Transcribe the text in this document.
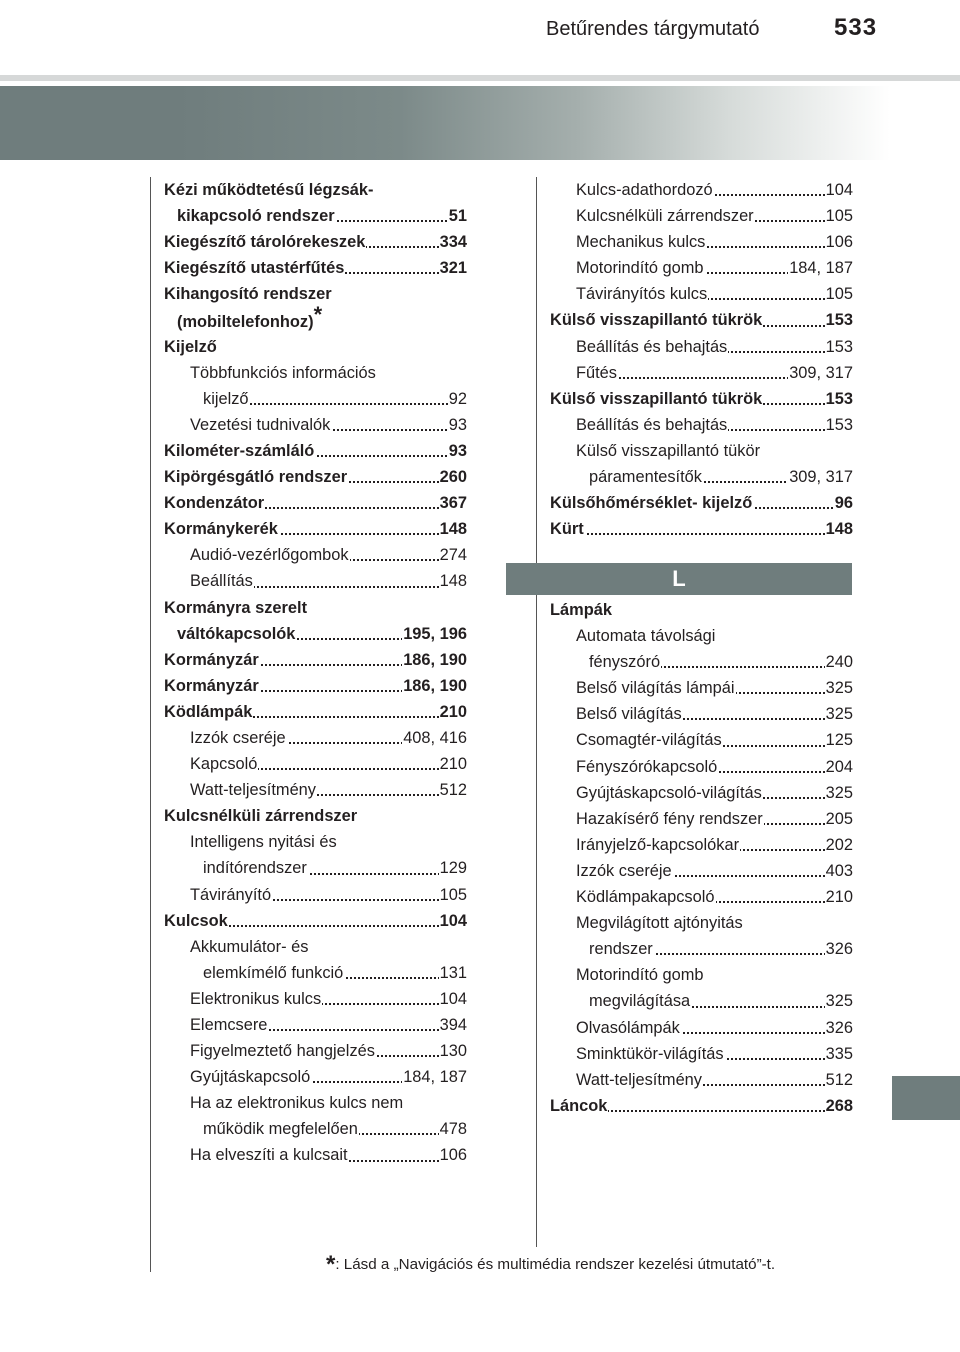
Betűrendes tárgymutató	533
Kézi működtetésű légzsák-
kikapcsoló rendszer	51
Kiegészítő tárolórekeszek	334
Kiegészítő utastérfűtés	321
Kihangosító rendszer
(mobiltelefonhoz)*
Kijelző
Többfunkciós információs
kijelző	92
Vezetési tudnivalók	93
Kilométer-számláló	93
Kipörgésgátló rendszer	260
Kondenzátor	367
Kormánykerék	148
Audió-vezérlőgombok	274
Beállítás	148
Kormányra szerelt
váltókapcsolók	195, 196
Kormányzár	186, 190
Kormányzár	186, 190
Ködlámpák	210
Izzók cseréje	408, 416
Kapcsoló	210
Watt-teljesítmény	512
Kulcsnélküli zárrendszer
Intelligens nyitási és
indítórendszer	129
Távirányító	105
Kulcsok	104
Akkumulátor- és
elemkímélő funkció	131
Elektronikus kulcs	104
Elemcsere	394
Figyelmeztető hangjelzés	130
Gyújtáskapcsoló	184, 187
Ha az elektronikus kulcs nem
működik megfelelően	478
Ha elveszíti a kulcsait	106
Kulcs-adathordozó	104
Kulcsnélküli zárrendszer	105
Mechanikus kulcs	106
Motorindító gomb	184, 187
Távirányítós kulcs	105
Külső visszapillantó tükrök	153
Beállítás és behajtás	153
Fűtés	309, 317
Külső visszapillantó tükrök	153
Beállítás és behajtás	153
Külső visszapillantó tükör
páramentesítők	309, 317
Külsőhőmérséklet- kijelző	96
Kürt	148
L
Lámpák
Automata távolsági
fényszóró	240
Belső világítás lámpái	325
Belső világítás	325
Csomagtér-világítás	125
Fényszórókapcsoló	204
Gyújtáskapcsoló-világítás	325
Hazakísérő fény rendszer	205
Irányjelző-kapcsolókar	202
Izzók cseréje	403
Ködlámpakapcsoló	210
Megvilágított ajtónyitás
rendszer	326
Motorindító gomb
megvilágítása	325
Olvasólámpák	326
Sminktükör-világítás	335
Watt-teljesítmény	512
Láncok	268
*: Lásd a „Navigációs és multimédia rendszer kezelési útmutató”-t.
